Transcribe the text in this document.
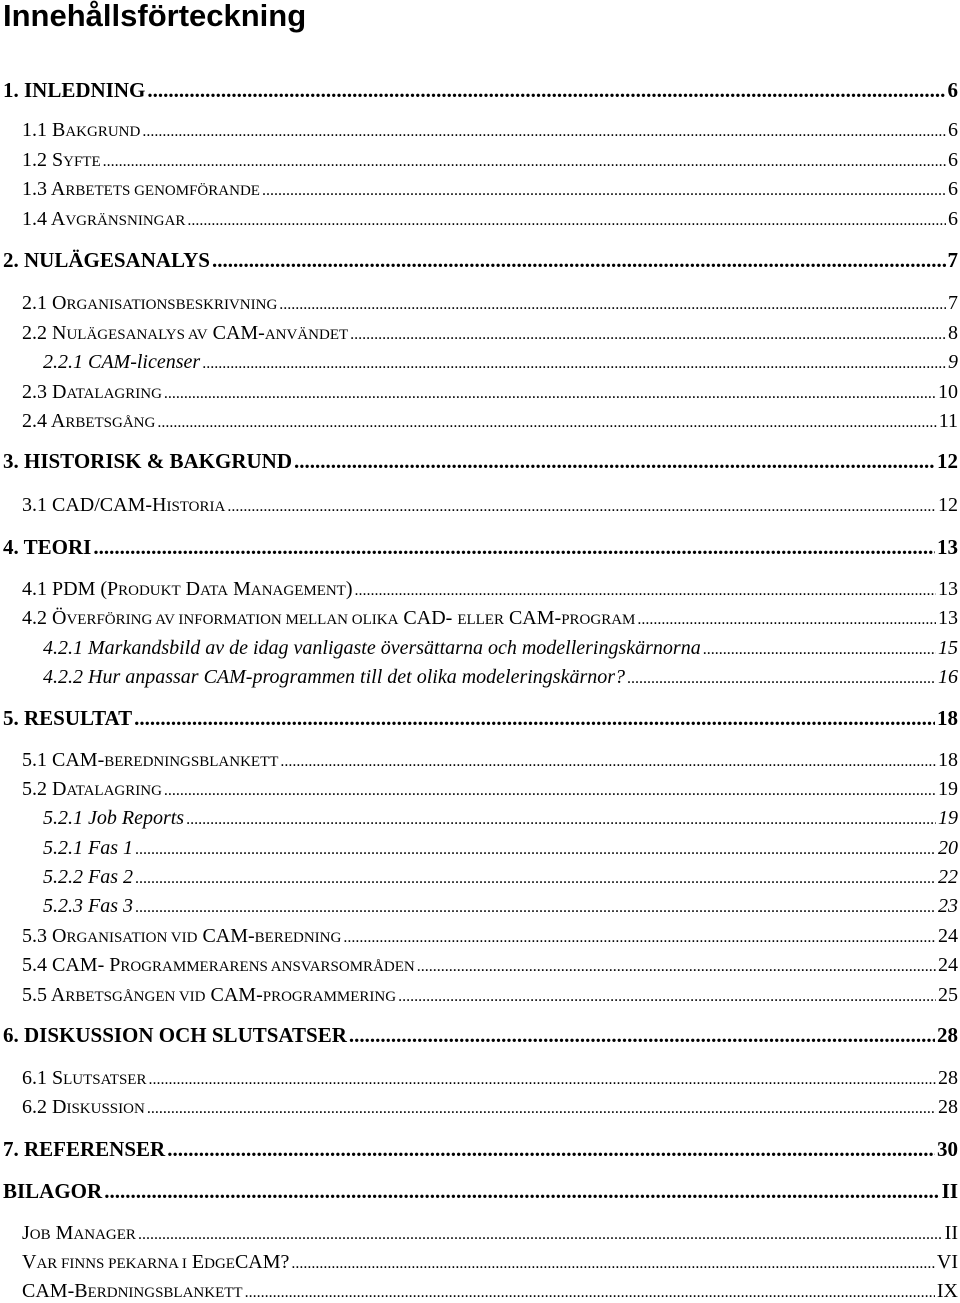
Innehållsförteckning
1. INLEDNING .....	6
1.1 BAKGRUND .....	6
1.2 SYFTE .....	6
1.3 ARBETETS GENOMFÖRANDE .....	6
1.4 AVGRÄNSNINGAR .....	6
2. NULÄGESANALYS .....	7
2.1 ORGANISATIONSBESKRIVNING .....	7
2.2 NULÄGESANALYS AV CAM-ANVÄNDET .....	8
2.2.1 CAM-licenser .....	9
2.3 DATALAGRING .....	10
2.4 ARBETSGÅNG .....	11
3. HISTORISK & BAKGRUND .....	12
3.1 CAD/CAM-HISTORIA .....	12
4. TEORI .....	13
4.1 PDM (PRODUKT DATA MANAGEMENT) .....	13
4.2 ÖVERFÖRING AV INFORMATION MELLAN OLIKA CAD- ELLER CAM-PROGRAM .....	13
4.2.1 Markandsbild av de idag vanligaste översättarna och modelleringskärnorna .....	15
4.2.2 Hur anpassar CAM-programmen till det olika modeleringskärnor? .....	16
5. RESULTAT .....	18
5.1 CAM-BEREDNINGSBLANKETT .....	18
5.2 DATALAGRING .....	19
5.2.1 Job Reports .....	19
5.2.1 Fas 1 .....	20
5.2.2 Fas 2 .....	22
5.2.3 Fas 3 .....	23
5.3 ORGANISATION VID CAM-BEREDNING .....	24
5.4 CAM- PROGRAMMERARENS ANSVARSOMRÅDEN .....	24
5.5 ARBETSGÅNGEN VID CAM-PROGRAMMERING .....	25
6. DISKUSSION OCH SLUTSATSER .....	28
6.1 SLUTSATSER .....	28
6.2 DISKUSSION .....	28
7. REFERENSER .....	30
BILAGOR .....	II
JOB MANAGER .....	II
VAR FINNS PEKARNA I EDGECAM? .....	VI
CAM-BERDNINGSBLANKETT .....	IX
